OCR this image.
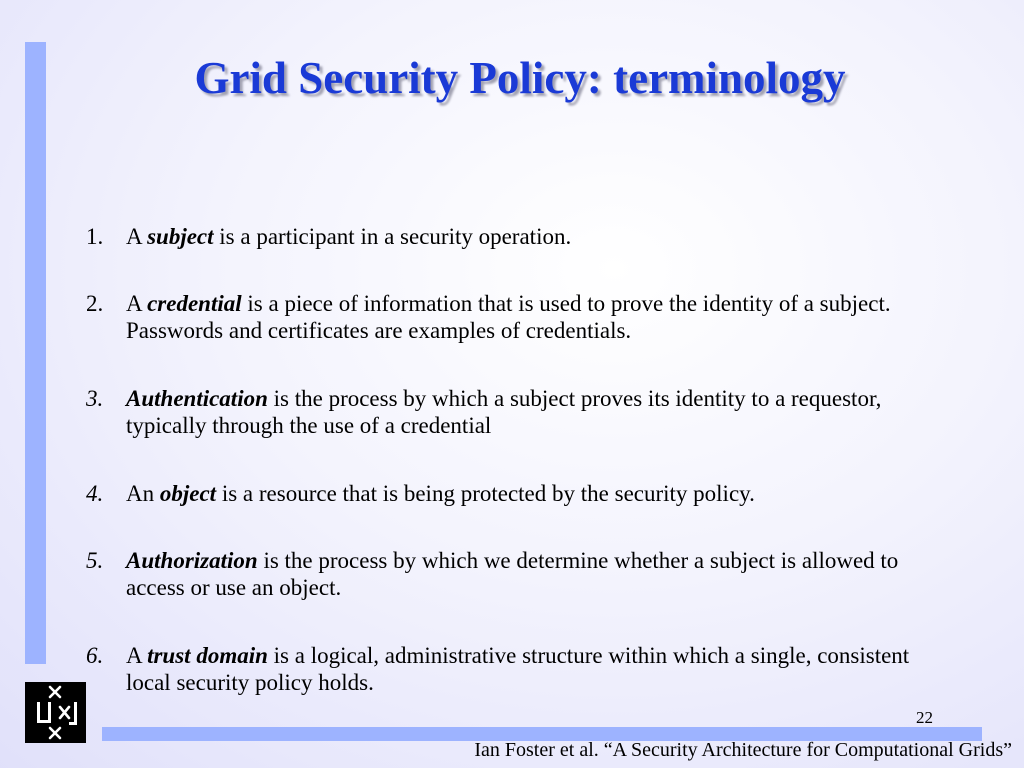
Grid Security Policy: terminology
1. A subject is a participant in a security operation.
2. A credential is a piece of information that is used to prove the identity of a subject. Passwords and certificates are examples of credentials.
3. Authentication is the process by which a subject proves its identity to a requestor, typically through the use of a credential
4. An object is a resource that is being protected by the security policy.
5. Authorization is the process by which we determine whether a subject is allowed to access or use an object.
6. A trust domain is a logical, administrative structure within which a single, consistent local security policy holds.
22
Ian Foster et al. “A Security Architecture for Computational Grids”
